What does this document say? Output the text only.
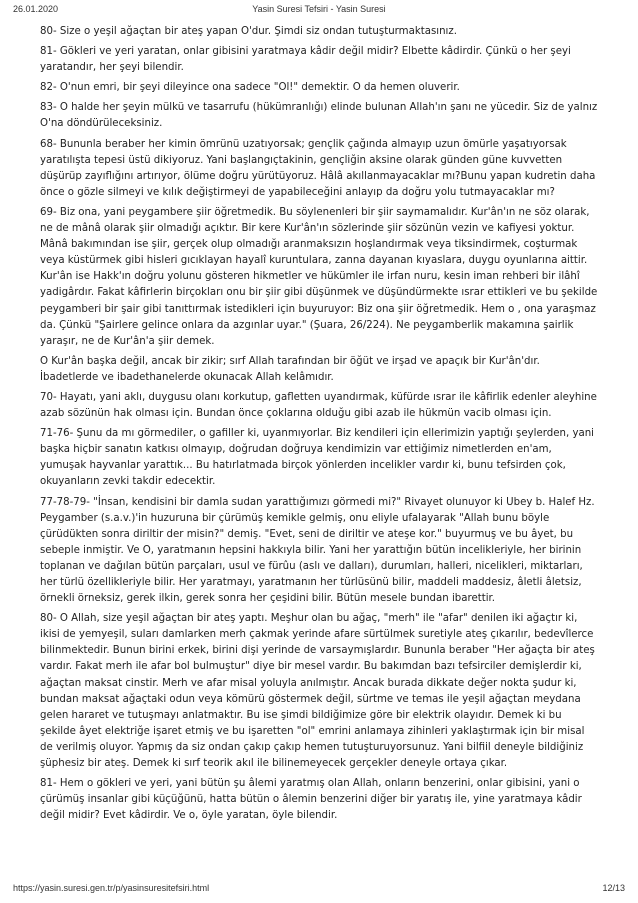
26.01.2020	Yasin Suresi Tefsiri - Yasin Suresi

80- Size o yeşil ağaçtan bir ateş yapan O'dur. Şimdi siz ondan tutuşturmaktasınız.

81- Gökleri ve yeri yaratan, onlar gibisini yaratmaya kâdir değil midir? Elbette kâdirdir. Çünkü o her şeyi yaratandır, her şeyi bilendir.

82- O'nun emri, bir şeyi dileyince ona sadece "Ol!" demektir. O da hemen oluverir.

83- O halde her şeyin mülkü ve tasarrufu (hükümranlığı) elinde bulunan Allah'ın şanı ne yücedir. Siz de yalnız O'na döndürüleceksiniz.

68- Bununla beraber her kimin ömrünü uzatıyorsak; gençlik çağında almayıp uzun ömürle yaşatıyorsak yaratılışta tepesi üstü dikiyoruz. Yani başlangıçtakinin, gençliğin aksine olarak günden güne kuvvetten düşürüp zayıflığını artırıyor, ölüme doğru yürütüyoruz. Hâlâ akıllanmayacaklar mı?Bunu yapan kudretin daha önce o gözle silmeyi ve kılık değiştirmeyi de yapabileceğini anlayıp da doğru yolu tutmayacaklar mı?

69- Biz ona, yani peygambere şiir öğretmedik. Bu söylenenleri bir şiir saymamalıdır. Kur'ân'ın ne söz olarak, ne de mânâ olarak şiir olmadığı açıktır. Bir kere Kur'ân'ın sözlerinde şiir sözünün vezin ve kafiyesi yoktur. Mânâ bakımından ise şiir, gerçek olup olmadığı aranmaksızın hoşlandırmak veya tiksindirmek, coşturmak veya küstürmek gibi hisleri gıcıklayan hayalî kuruntulara, zanna dayanan kıyaslara, duygu oyunlarına aittir. Kur'ân ise Hakk'ın doğru yolunu gösteren hikmetler ve hükümler ile irfan nuru, kesin iman rehberi bir ilâhî yadigârdır. Fakat kâfirlerin birçokları onu bir şiir gibi düşünmek ve düşündürmekte ısrar ettikleri ve bu şekilde peygamberi bir şair gibi tanıttırmak istedikleri için buyuruyor: Biz ona şiir öğretmedik. Hem o , ona yaraşmaz da. Çünkü "Şairlere gelince onlara da azgınlar uyar." (Şuara, 26/224). Ne peygamberlik makamına şairlik yaraşır, ne de Kur'ân'a şiir demek.

O Kur'ân başka değil, ancak bir zikir; sırf Allah tarafından bir öğüt ve irşad ve apaçık bir Kur'ân'dır. İbadetlerde ve ibadethanelerde okunacak Allah kelâmıdır.

70- Hayatı, yani aklı, duygusu olanı korkutup, gafletten uyandırmak, küfürde ısrar ile kâfirlik edenler aleyhine azab sözünün hak olması için. Bundan önce çoklarına olduğu gibi azab ile hükmün vacib olması için.

71-76- Şunu da mı görmediler, o gafiller ki, uyanmıyorlar. Biz kendileri için ellerimizin yaptığı şeylerden, yani başka hiçbir sanatın katkısı olmayıp, doğrudan doğruya kendimizin var ettiğimiz nimetlerden en'am, yumuşak hayvanlar yarattık... Bu hatırlatmada birçok yönlerden incelikler vardır ki, bunu tefsirden çok, okuyanların zevki takdir edecektir.

77-78-79- "İnsan, kendisini bir damla sudan yarattığımızı görmedi mi?" Rivayet olunuyor ki Ubey b. Halef Hz. Peygamber (s.a.v.)'in huzuruna bir çürümüş kemikle gelmiş, onu eliyle ufalayarak "Allah bunu böyle çürüdükten sonra diriltir der misin?" demiş. "Evet, seni de diriltir ve ateşe kor." buyurmuş ve bu âyet, bu sebeple inmiştir. Ve O, yaratmanın hepsini hakkıyla bilir. Yani her yarattığın bütün incelikleriyle, her birinin toplanan ve dağılan bütün parçaları, usul ve fürûu (aslı ve dalları), durumları, halleri, nicelikleri, miktarları, her türlü özellikleriyle bilir. Her yaratmayı, yaratmanın her türlüsünü bilir, maddeli maddesiz, âletli âletsiz, örnekli örneksiz, gerek ilkin, gerek sonra her çeşidini bilir. Bütün mesele bundan ibarettir.

80- O Allah, size yeşil ağaçtan bir ateş yaptı. Meşhur olan bu ağaç, "merh" ile "afar" denilen iki ağaçtır ki, ikisi de yemyeşil, suları damlarken merh çakmak yerinde afare sürtülmek suretiyle ateş çıkarılır, bedevîlerce bilinmektedir. Bunun birini erkek, birini dişi yerinde de varsaymışlardır. Bununla beraber "Her ağaçta bir ateş vardır. Fakat merh ile afar bol bulmuştur" diye bir mesel vardır. Bu bakımdan bazı tefsirciler demişlerdir ki, ağaçtan maksat cinstir. Merh ve afar misal yoluyla anılmıştır. Ancak burada dikkate değer nokta şudur ki, bundan maksat ağaçtaki odun veya kömürü göstermek değil, sürtme ve temas ile yeşil ağaçtan meydana gelen hararet ve tutuşmayı anlatmaktır. Bu ise şimdi bildiğimize göre bir elektrik olayıdır. Demek ki bu şekilde âyet elektriğe işaret etmiş ve bu işaretten "ol" emrini anlamaya zihinleri yaklaştırmak için bir misal de verilmiş oluyor. Yapmış da siz ondan çakıp çakıp hemen tutuşturuyorsunuz. Yani bilfiil deneyle bildiğiniz şüphesiz bir ateş. Demek ki sırf teorik akıl ile bilinemeyecek gerçekler deneyle ortaya çıkar.

81- Hem o gökleri ve yeri, yani bütün şu âlemi yaratmış olan Allah, onların benzerini, onlar gibisini, yani o çürümüş insanlar gibi küçüğünü, hatta bütün o âlemin benzerini diğer bir yaratış ile, yine yaratmaya kâdir değil midir? Evet kâdirdir. Ve o, öyle yaratan, öyle bilendir.

https://yasin.suresi.gen.tr/p/yasinsuresitefsiri.html	12/13
